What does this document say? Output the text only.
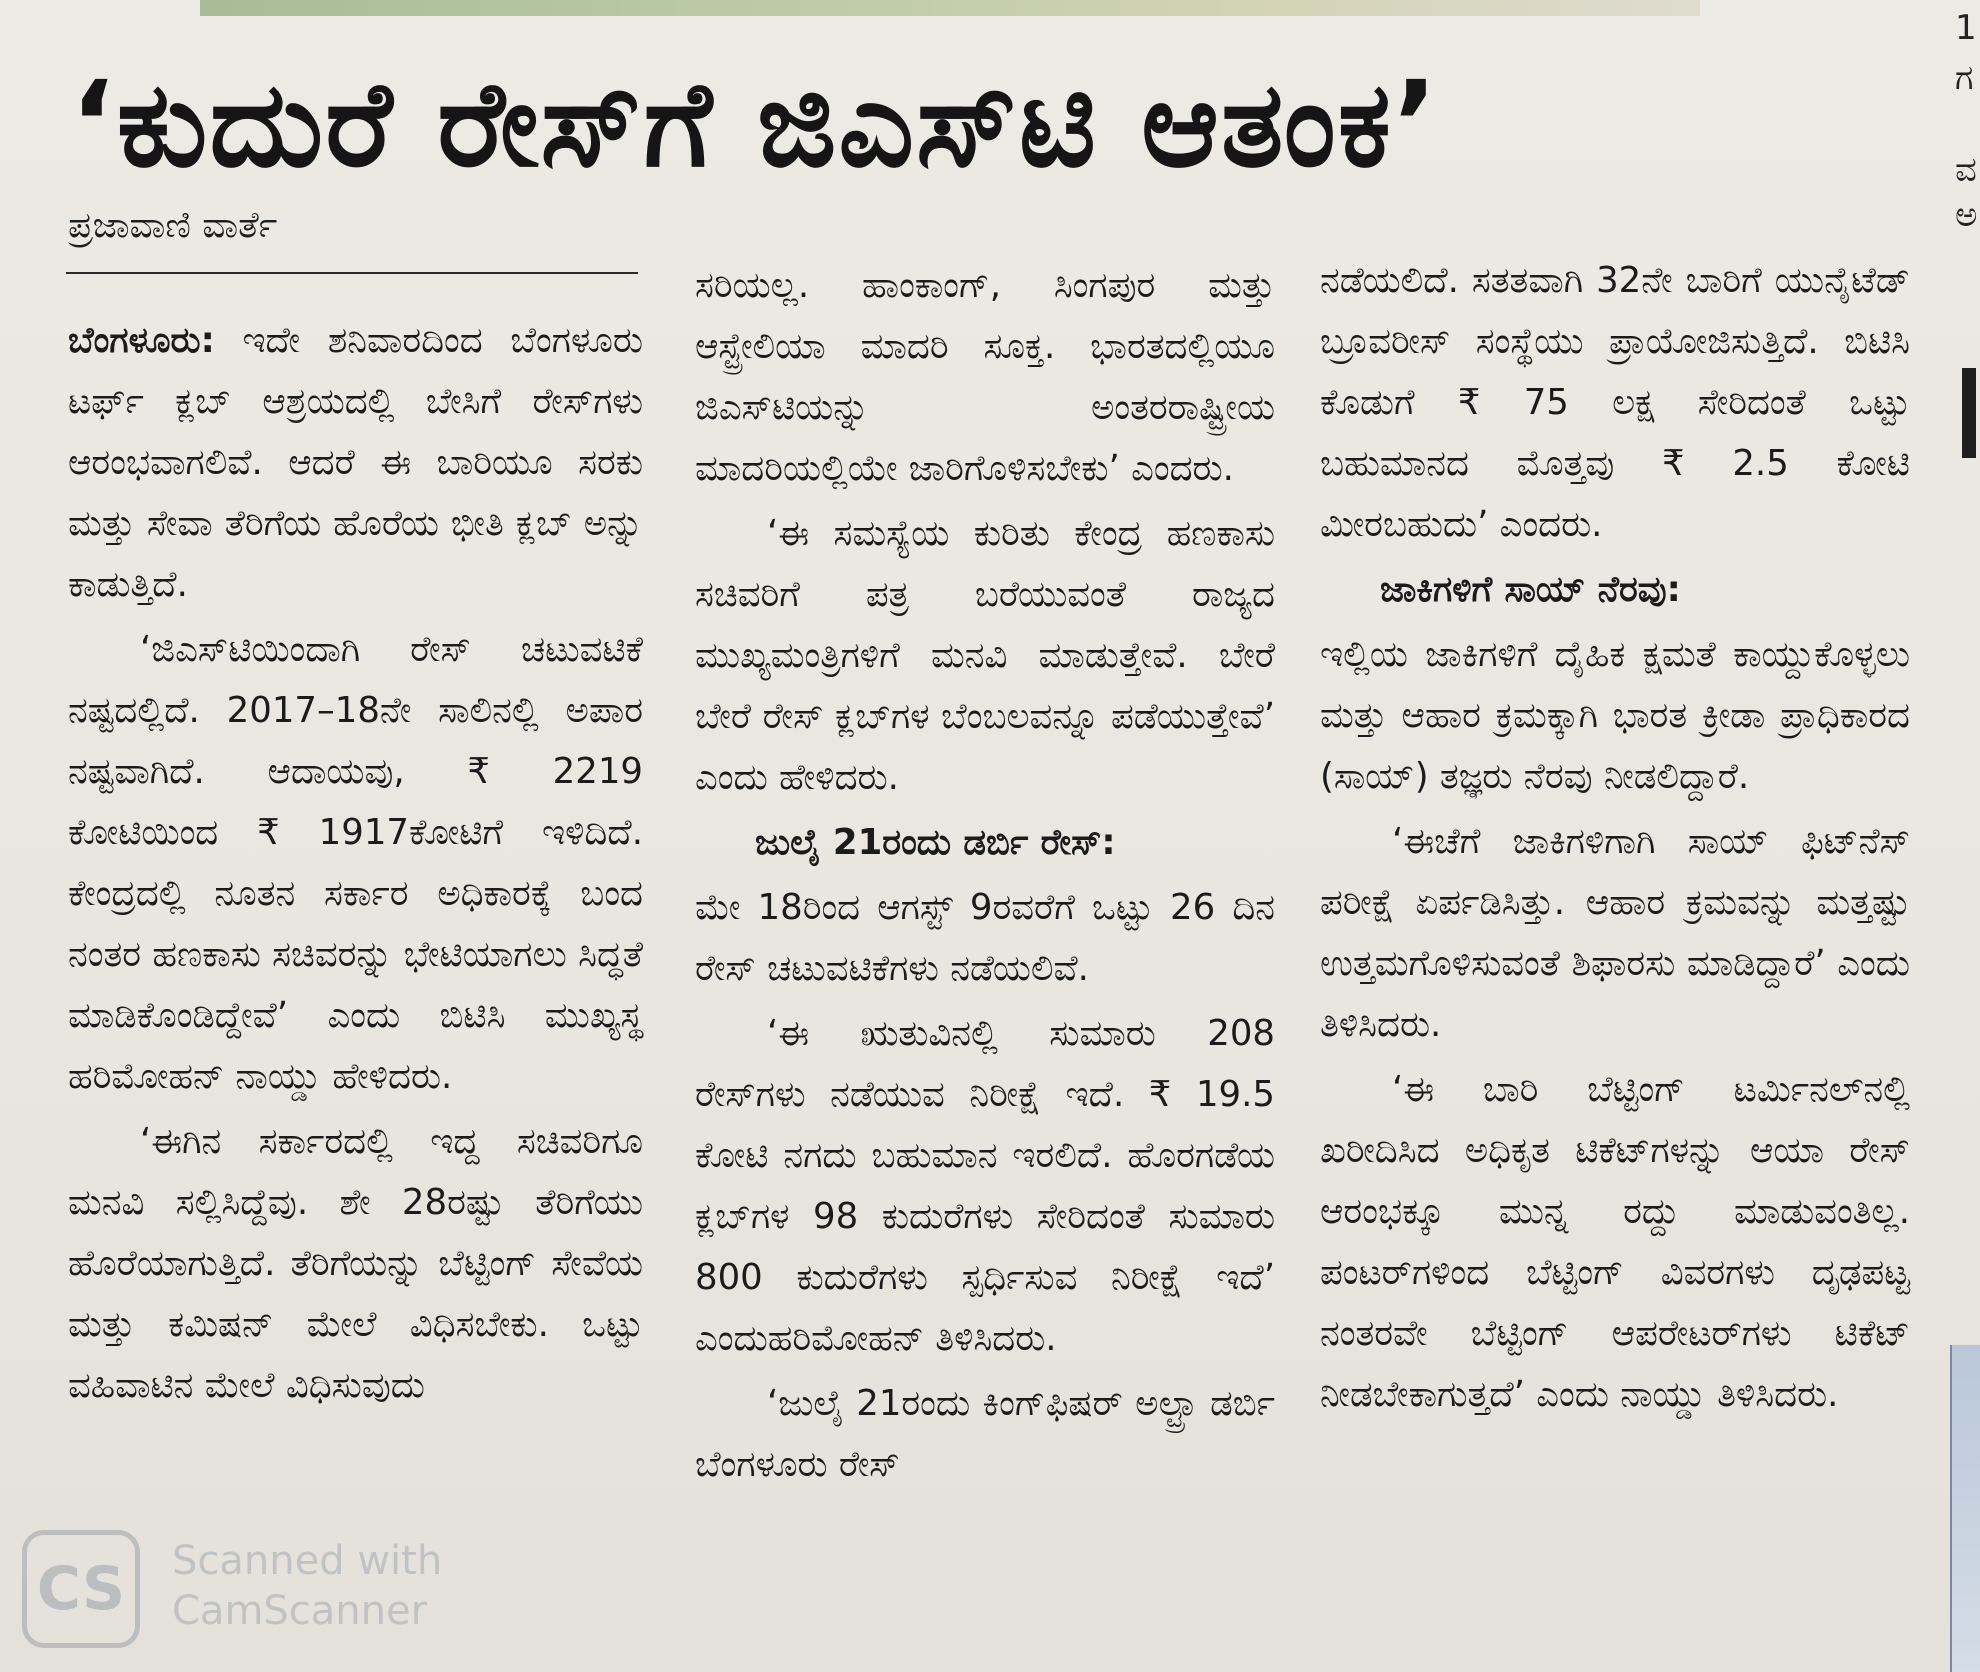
‘ಕುದುರೆ ರೇಸ್‌ಗೆ ಜಿಎಸ್‌ಟಿ ಆತಂಕ’
ಪ್ರಜಾವಾಣಿ ವಾರ್ತೆ

ಬೆಂಗಳೂರು: ಇದೇ ಶನಿವಾರದಿಂದ ಬೆಂಗಳೂರು ಟರ್ಫ್ ಕ್ಲಬ್ ಆಶ್ರಯದಲ್ಲಿ ಬೇಸಿಗೆ ರೇಸ್‌ಗಳು ಆರಂಭವಾಗಲಿವೆ. ಆದರೆ ಈ ಬಾರಿಯೂ ಸರಕು ಮತ್ತು ಸೇವಾ ತೆರಿಗೆಯ ಹೊರೆಯ ಭೀತಿ ಕ್ಲಬ್ ಅನ್ನು ಕಾಡುತ್ತಿದೆ.

‘ಜಿಎಸ್‌ಟಿಯಿಂದಾಗಿ ರೇಸ್ ಚಟುವಟಿಕೆ ನಷ್ಟದಲ್ಲಿದೆ. 2017–18ನೇ ಸಾಲಿನಲ್ಲಿ ಅಪಾರ ನಷ್ಟವಾಗಿದೆ. ಆದಾಯವು, ₹ 2219 ಕೋಟಿಯಿಂದ ₹ 1917ಕೋಟಿಗೆ ಇಳಿದಿದೆ. ಕೇಂದ್ರದಲ್ಲಿ ನೂತನ ಸರ್ಕಾರ ಅಧಿಕಾರಕ್ಕೆ ಬಂದ ನಂತರ ಹಣಕಾಸು ಸಚಿವರನ್ನು ಭೇಟಿಯಾಗಲು ಸಿದ್ಧತೆ ಮಾಡಿಕೊಂಡಿದ್ದೇವೆ’ ಎಂದು ಬಿಟಿಸಿ ಮುಖ್ಯಸ್ಥ ಹರಿಮೋಹನ್ ನಾಯ್ಡು ಹೇಳಿದರು.

‘ಈಗಿನ ಸರ್ಕಾರದಲ್ಲಿ ಇದ್ದ ಸಚಿವರಿಗೂ ಮನವಿ ಸಲ್ಲಿಸಿದ್ದೆವು. ಶೇ 28ರಷ್ಟು ತೆರಿಗೆಯು ಹೊರೆಯಾಗುತ್ತಿದೆ. ತೆರಿಗೆಯನ್ನು ಬೆಟ್ಟಿಂಗ್ ಸೇವೆಯ ಮತ್ತು ಕಮಿಷನ್ ಮೇಲೆ ವಿಧಿಸಬೇಕು. ಒಟ್ಟು ವಹಿವಾಟಿನ ಮೇಲೆ ವಿಧಿಸುವುದು

ಸರಿಯಲ್ಲ. ಹಾಂಕಾಂಗ್, ಸಿಂಗಪುರ ಮತ್ತು ಆಸ್ಟ್ರೇಲಿಯಾ ಮಾದರಿ ಸೂಕ್ತ. ಭಾರತದಲ್ಲಿಯೂ ಜಿಎಸ್‌ಟಿಯನ್ನು ಅಂತರರಾಷ್ಟ್ರೀಯ ಮಾದರಿಯಲ್ಲಿಯೇ ಜಾರಿಗೊಳಿಸಬೇಕು’ ಎಂದರು.

‘ಈ ಸಮಸ್ಯೆಯ ಕುರಿತು ಕೇಂದ್ರ ಹಣಕಾಸು ಸಚಿವರಿಗೆ ಪತ್ರ ಬರೆಯುವಂತೆ ರಾಜ್ಯದ ಮುಖ್ಯಮಂತ್ರಿಗಳಿಗೆ ಮನವಿ ಮಾಡುತ್ತೇವೆ. ಬೇರೆ ಬೇರೆ ರೇಸ್ ಕ್ಲಬ್‌ಗಳ ಬೆಂಬಲವನ್ನೂ ಪಡೆಯುತ್ತೇವೆ’ ಎಂದು ಹೇಳಿದರು.

ಜುಲೈ 21ರಂದು ಡರ್ಬಿ ರೇಸ್:

ಮೇ 18ರಿಂದ ಆಗಸ್ಟ್ 9ರವರೆಗೆ ಒಟ್ಟು 26 ದಿನ ರೇಸ್ ಚಟುವಟಿಕೆಗಳು ನಡೆಯಲಿವೆ.

‘ಈ ಋತುವಿನಲ್ಲಿ ಸುಮಾರು 208 ರೇಸ್‌ಗಳು ನಡೆಯುವ ನಿರೀಕ್ಷೆ ಇದೆ. ₹ 19.5 ಕೋಟಿ ನಗದು ಬಹುಮಾನ ಇರಲಿದೆ. ಹೊರಗಡೆಯ ಕ್ಲಬ್‌ಗಳ 98 ಕುದುರೆಗಳು ಸೇರಿದಂತೆ ಸುಮಾರು 800 ಕುದುರೆಗಳು ಸ್ಪರ್ಧಿಸುವ ನಿರೀಕ್ಷೆ ಇದೆ’ ಎಂದುಹರಿಮೋಹನ್ ತಿಳಿಸಿದರು.

‘ಜುಲೈ 21ರಂದು ಕಿಂಗ್‌ಫಿಷರ್ ಅಲ್ಟ್ರಾ ಡರ್ಬಿ ಬೆಂಗಳೂರು ರೇಸ್

ನಡೆಯಲಿದೆ. ಸತತವಾಗಿ 32ನೇ ಬಾರಿಗೆ ಯುನೈಟೆಡ್ ಬ್ರೂವರೀಸ್ ಸಂಸ್ಥೆಯು ಪ್ರಾಯೋಜಿಸುತ್ತಿದೆ. ಬಿಟಿಸಿ ಕೊಡುಗೆ ₹ 75 ಲಕ್ಷ ಸೇರಿದಂತೆ ಒಟ್ಟು ಬಹುಮಾನದ ಮೊತ್ತವು ₹ 2.5 ಕೋಟಿ ಮೀರಬಹುದು’ ಎಂದರು.

ಜಾಕಿಗಳಿಗೆ ಸಾಯ್ ನೆರವು:

ಇಲ್ಲಿಯ ಜಾಕಿಗಳಿಗೆ ದೈಹಿಕ ಕ್ಷಮತೆ ಕಾಯ್ದುಕೊಳ್ಳಲು ಮತ್ತು ಆಹಾರ ಕ್ರಮಕ್ಕಾಗಿ ಭಾರತ ಕ್ರೀಡಾ ಪ್ರಾಧಿಕಾರದ (ಸಾಯ್) ತಜ್ಞರು ನೆರವು ನೀಡಲಿದ್ದಾರೆ.

‘ಈಚೆಗೆ ಜಾಕಿಗಳಿಗಾಗಿ ಸಾಯ್ ಫಿಟ್‌ನೆಸ್ ಪರೀಕ್ಷೆ ಏರ್ಪಡಿಸಿತ್ತು. ಆಹಾರ ಕ್ರಮವನ್ನು ಮತ್ತಷ್ಟು ಉತ್ತಮಗೊಳಿಸುವಂತೆ ಶಿಫಾರಸು ಮಾಡಿದ್ದಾರೆ’ ಎಂದು ತಿಳಿಸಿದರು.

‘ಈ ಬಾರಿ ಬೆಟ್ಟಿಂಗ್ ಟರ್ಮಿನಲ್‌ನಲ್ಲಿ ಖರೀದಿಸಿದ ಅಧಿಕೃತ ಟಿಕೆಟ್‌ಗಳನ್ನು ಆಯಾ ರೇಸ್ ಆರಂಭಕ್ಕೂ ಮುನ್ನ ರದ್ದು ಮಾಡುವಂತಿಲ್ಲ. ಪಂಟರ್‌ಗಳಿಂದ ಬೆಟ್ಟಿಂಗ್ ವಿವರಗಳು ದೃಢಪಟ್ಟ ನಂತರವೇ ಬೆಟ್ಟಿಂಗ್ ಆಪರೇಟರ್‌ಗಳು ಟಿಕೆಟ್ ನೀಡಬೇಕಾಗುತ್ತದೆ’ ಎಂದು ನಾಯ್ಡು ತಿಳಿಸಿದರು.

1
ಗ
ವ
ಅ
CS	Scanned with
CamScanner
